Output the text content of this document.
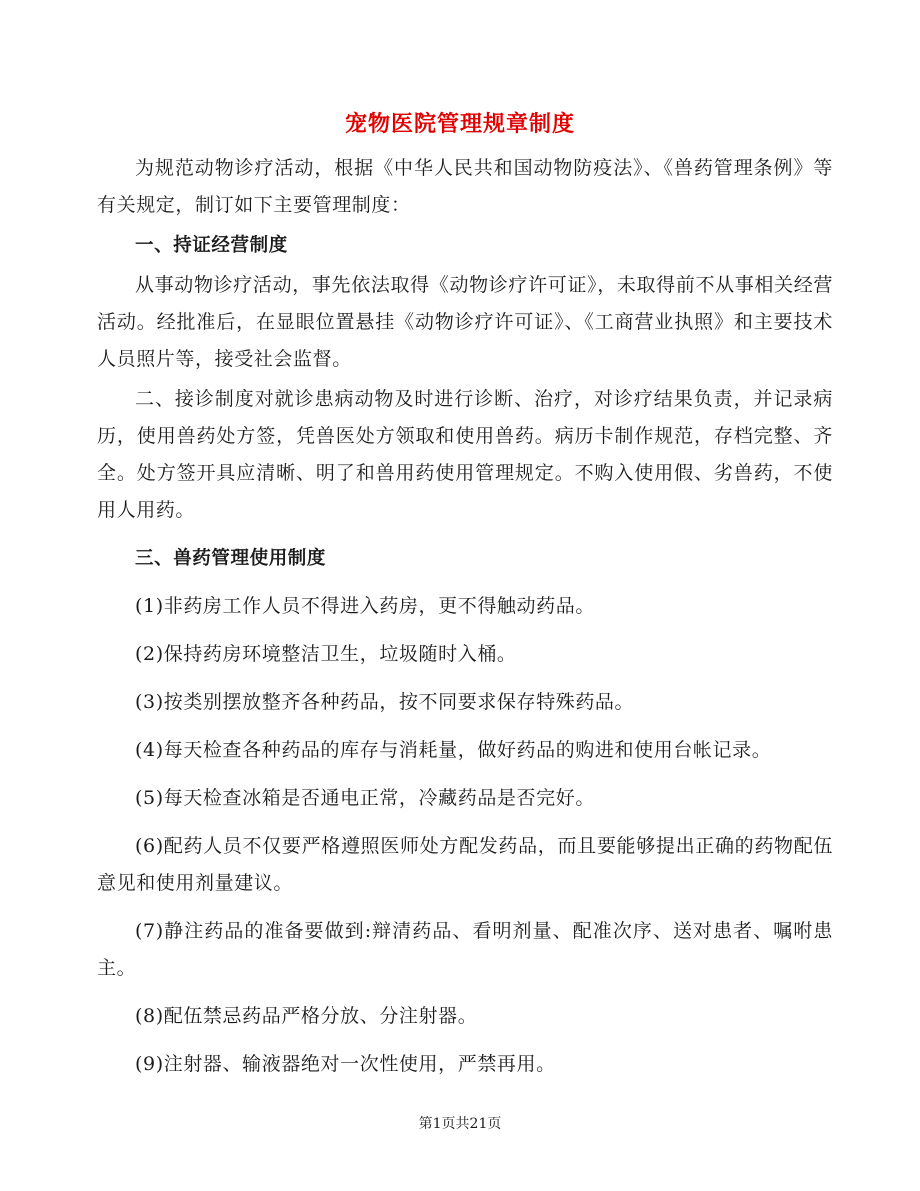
宠物医院管理规章制度

为规范动物诊疗活动，根据《中华人民共和国动物防疫法》、《兽药管理条例》等有关规定，制订如下主要管理制度：

一、持证经营制度

从事动物诊疗活动，事先依法取得《动物诊疗许可证》，未取得前不从事相关经营活动。经批准后，在显眼位置悬挂《动物诊疗许可证》、《工商营业执照》和主要技术人员照片等，接受社会监督。

二、接诊制度对就诊患病动物及时进行诊断、治疗，对诊疗结果负责，并记录病历，使用兽药处方签，凭兽医处方领取和使用兽药。病历卡制作规范，存档完整、齐全。处方签开具应清晰、明了和兽用药使用管理规定。不购入使用假、劣兽药，不使用人用药。

三、兽药管理使用制度

(1)非药房工作人员不得进入药房，更不得触动药品。

(2)保持药房环境整洁卫生，垃圾随时入桶。

(3)按类别摆放整齐各种药品，按不同要求保存特殊药品。

(4)每天检查各种药品的库存与消耗量，做好药品的购进和使用台帐记录。

(5)每天检查冰箱是否通电正常，冷藏药品是否完好。

(6)配药人员不仅要严格遵照医师处方配发药品，而且要能够提出正确的药物配伍意见和使用剂量建议。

(7)静注药品的准备要做到:辩清药品、看明剂量、配准次序、送对患者、嘱咐患主。

(8)配伍禁忌药品严格分放、分注射器。

(9)注射器、输液器绝对一次性使用，严禁再用。

第1页共21页
